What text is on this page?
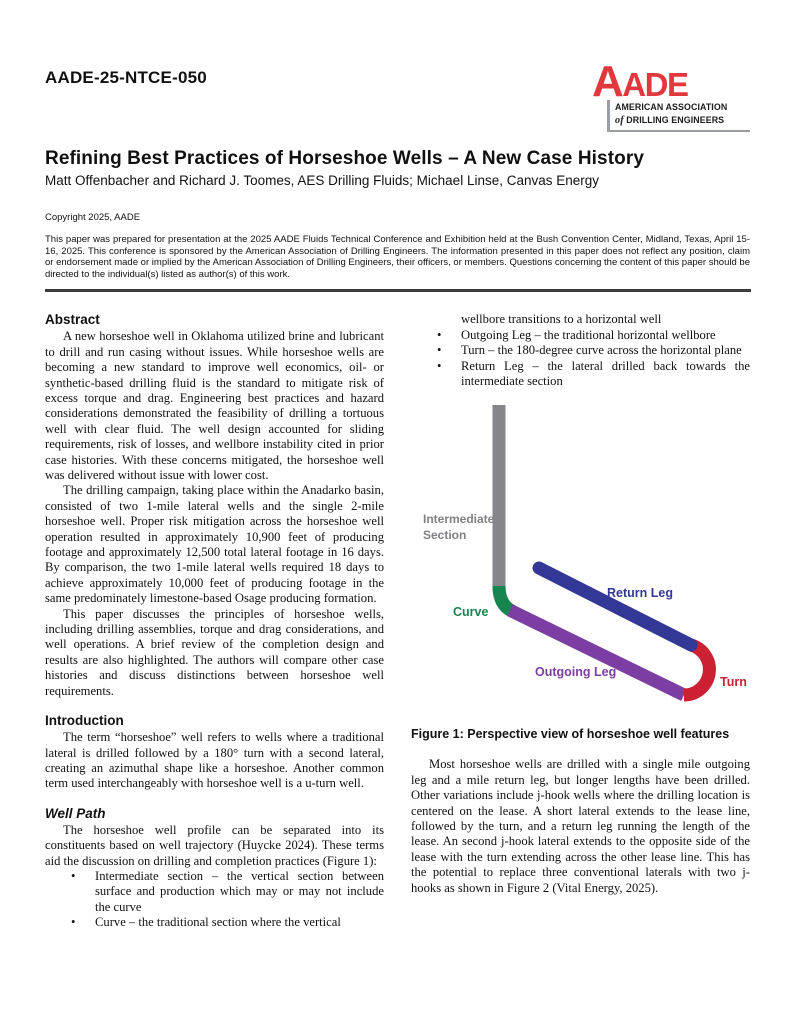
AADE-25-NTCE-050	AADE
AMERICAN ASSOCIATION
of DRILLING ENGINEERS
Refining Best Practices of Horseshoe Wells – A New Case History
Matt Offenbacher and Richard J. Toomes, AES Drilling Fluids; Michael Linse, Canvas Energy
Copyright 2025, AADE
This paper was prepared for presentation at the 2025 AADE Fluids Technical Conference and Exhibition held at the Bush Convention Center, Midland, Texas, April 15-16, 2025. This conference is sponsored by the American Association of Drilling Engineers. The information presented in this paper does not reflect any position, claim or endorsement made or implied by the American Association of Drilling Engineers, their officers, or members. Questions concerning the content of this paper should be directed to the individual(s) listed as author(s) of this work.
Abstract

A new horseshoe well in Oklahoma utilized brine and lubricant to drill and run casing without issues. While horseshoe wells are becoming a new standard to improve well economics, oil- or synthetic-based drilling fluid is the standard to mitigate risk of excess torque and drag. Engineering best practices and hazard considerations demonstrated the feasibility of drilling a tortuous well with clear fluid. The well design accounted for sliding requirements, risk of losses, and wellbore instability cited in prior case histories. With these concerns mitigated, the horseshoe well was delivered without issue with lower cost.

The drilling campaign, taking place within the Anadarko basin, consisted of two 1-mile lateral wells and the single 2-mile horseshoe well. Proper risk mitigation across the horseshoe well operation resulted in approximately 10,900 feet of producing footage and approximately 12,500 total lateral footage in 16 days. By comparison, the two 1-mile lateral wells required 18 days to achieve approximately 10,000 feet of producing footage in the same predominately limestone-based Osage producing formation.

This paper discusses the principles of horseshoe wells, including drilling assemblies, torque and drag considerations, and well operations. A brief review of the completion design and results are also highlighted. The authors will compare other case histories and discuss distinctions between horseshoe well requirements.

Introduction

The term “horseshoe” well refers to wells where a traditional lateral is drilled followed by a 180° turn with a second lateral, creating an azimuthal shape like a horseshoe. Another common term used interchangeably with horseshoe well is a u-turn well.

Well Path

The horseshoe well profile can be separated into its constituents based on well trajectory (Huycke 2024). These terms aid the discussion on drilling and completion practices (Figure 1):

•	Intermediate section – the vertical section between surface and production which may or may not include the curve
•	Curve – the traditional section where the vertical
wellbore transitions to a horizontal well
•	Outgoing Leg – the traditional horizontal wellbore
•	Turn – the 180-degree curve across the horizontal plane
•	Return Leg – the lateral drilled back towards the intermediate section
Intermediate
Section
Curve
Return Leg
Outgoing Leg
Turn
Figure 1: Perspective view of horseshoe well features

Most horseshoe wells are drilled with a single mile outgoing leg and a mile return leg, but longer lengths have been drilled. Other variations include j-hook wells where the drilling location is centered on the lease. A short lateral extends to the lease line, followed by the turn, and a return leg running the length of the lease. An second j-hook lateral extends to the opposite side of the lease with the turn extending across the other lease line. This has the potential to replace three conventional laterals with two j-hooks as shown in Figure 2 (Vital Energy, 2025).
